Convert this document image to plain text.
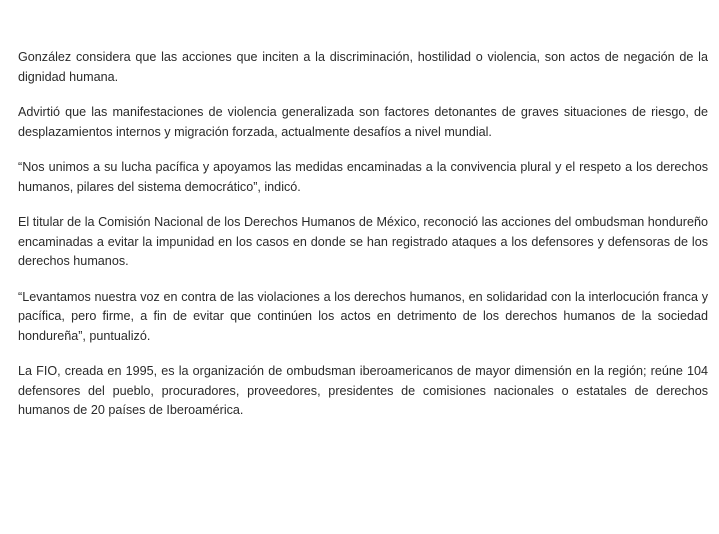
González considera que las acciones que inciten a la discriminación, hostilidad o violencia, son actos de negación de la dignidad humana.

Advirtió que las manifestaciones de violencia generalizada son factores detonantes de graves situaciones de riesgo, de desplazamientos internos y migración forzada, actualmente desafíos a nivel mundial.

“Nos unimos a su lucha pacífica y apoyamos las medidas encaminadas a la convivencia plural y el respeto a los derechos humanos, pilares del sistema democrático”, indicó.

El titular de la Comisión Nacional de los Derechos Humanos de México, reconoció las acciones del ombudsman hondureño encaminadas a evitar la impunidad en los casos en donde se han registrado ataques a los defensores y defensoras de los derechos humanos.

“Levantamos nuestra voz en contra de las violaciones a los derechos humanos, en solidaridad con la interlocución franca y pacífica, pero firme, a fin de evitar que continúen los actos en detrimento de los derechos humanos de la sociedad hondureña”, puntualizó.

La FIO, creada en 1995, es la organización de ombudsman iberoamericanos de mayor dimensión en la región; reúne 104 defensores del pueblo, procuradores, proveedores, presidentes de comisiones nacionales o estatales de derechos humanos de 20 países de Iberoamérica.
